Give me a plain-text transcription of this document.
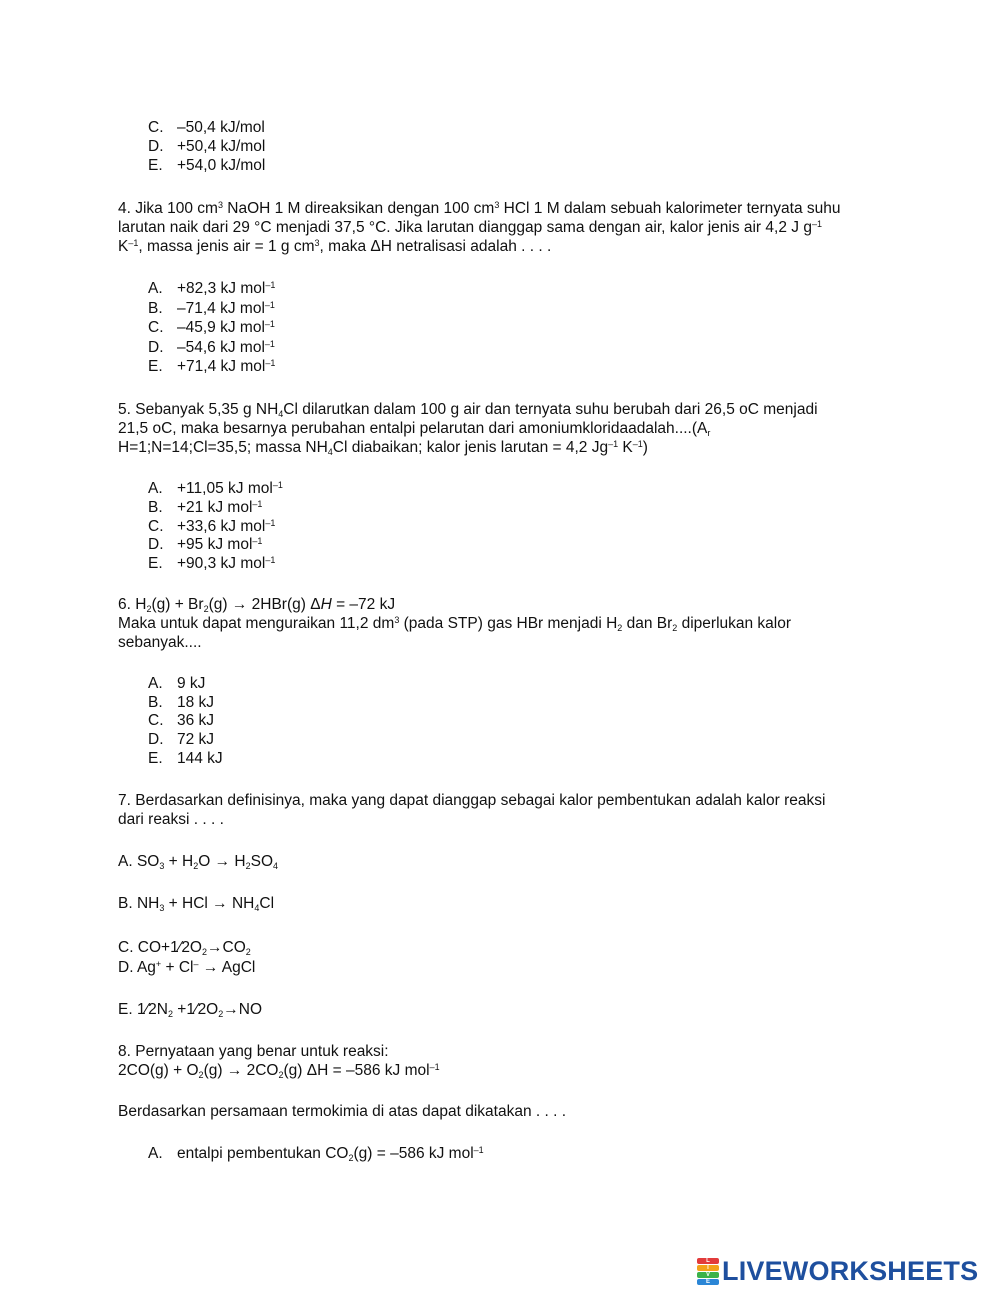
C. –50,4 kJ/mol
D. +50,4 kJ/mol
E. +54,0 kJ/mol
4. Jika 100 $cm^3$ NaOH 1 M direaksikan dengan 100 $cm^3$ HCl 1 M dalam sebuah kalorimeter ternyata suhu
larutan naik dari 29 °C menjadi 37,5 °C. Jika larutan dianggap sama dengan air, kalor jenis air 4,2 J $g^{-1}$
$K^{-1}$, massa jenis air = 1 g $cm^3$, maka ΔH netralisasi adalah . . . .
A. +82,3 kJ mol$^{-1}$
B. –71,4 kJ mol$^{-1}$
C. –45,9 kJ mol$^{-1}$
D. –54,6 kJ mol$^{-1}$
E. +71,4 kJ mol$^{-1}$
5. Sebanyak 5,35 g $NH_4Cl$ dilarutkan dalam 100 g air dan ternyata suhu berubah dari 26,5 oC menjadi
21,5 oC, maka besarnya perubahan entalpi pelarutan dari $amoniumkloridaadalah....(A_r$
H=1;N=14;Cl=35,5; massa $NH_4Cl$ diabaikan; kalor jenis larutan = 4,2 $Jg^{-1}$ $K^{-1}$)
A. +11,05 kJ mol$^{-1}$
B. +21 kJ mol$^{-1}$
C. +33,6 kJ mol$^{-1}$
D. +95 kJ mol$^{-1}$
E. +90,3 kJ mol$^{-1}$
6. $H_2(g) + Br_2(g) \to 2HBr(g) \Delta H = -72$ kJ
Maka untuk dapat menguraikan 11,2 $dm^3$ (pada STP) gas HBr menjadi $H_2$ dan $Br_2$ diperlukan kalor
sebanyak....
A. 9 kJ
B. 18 kJ
C. 36 kJ
D. 72 kJ
E. 144 kJ
7. Berdasarkan definisinya, maka yang dapat dianggap sebagai kalor pembentukan adalah kalor reaksi
dari reaksi . . . .
A. $SO_3 + H_2O \to H_2SO_4$
B. $NH_3$ + HCl → $NH_4Cl$
C. $CO+1⁄2O_2\to CO_2$
D. Ag+ + Cl– → AgCl
E. $1⁄2N_2$ $+1⁄2O_2\to NO$
8. Pernyataan yang benar untuk reaksi:
$2CO(g) + O_2(g) \to 2CO_2(g) \Delta H = -586$ kJ mol$^{-1}$
Berdasarkan persamaan termokimia di atas dapat dikatakan . . . .
A. entalpi pembentukan $CO_2(g) = -586$ kJ mol$^{-1}$
L
I
V
E LIVEWORKSHEETS
